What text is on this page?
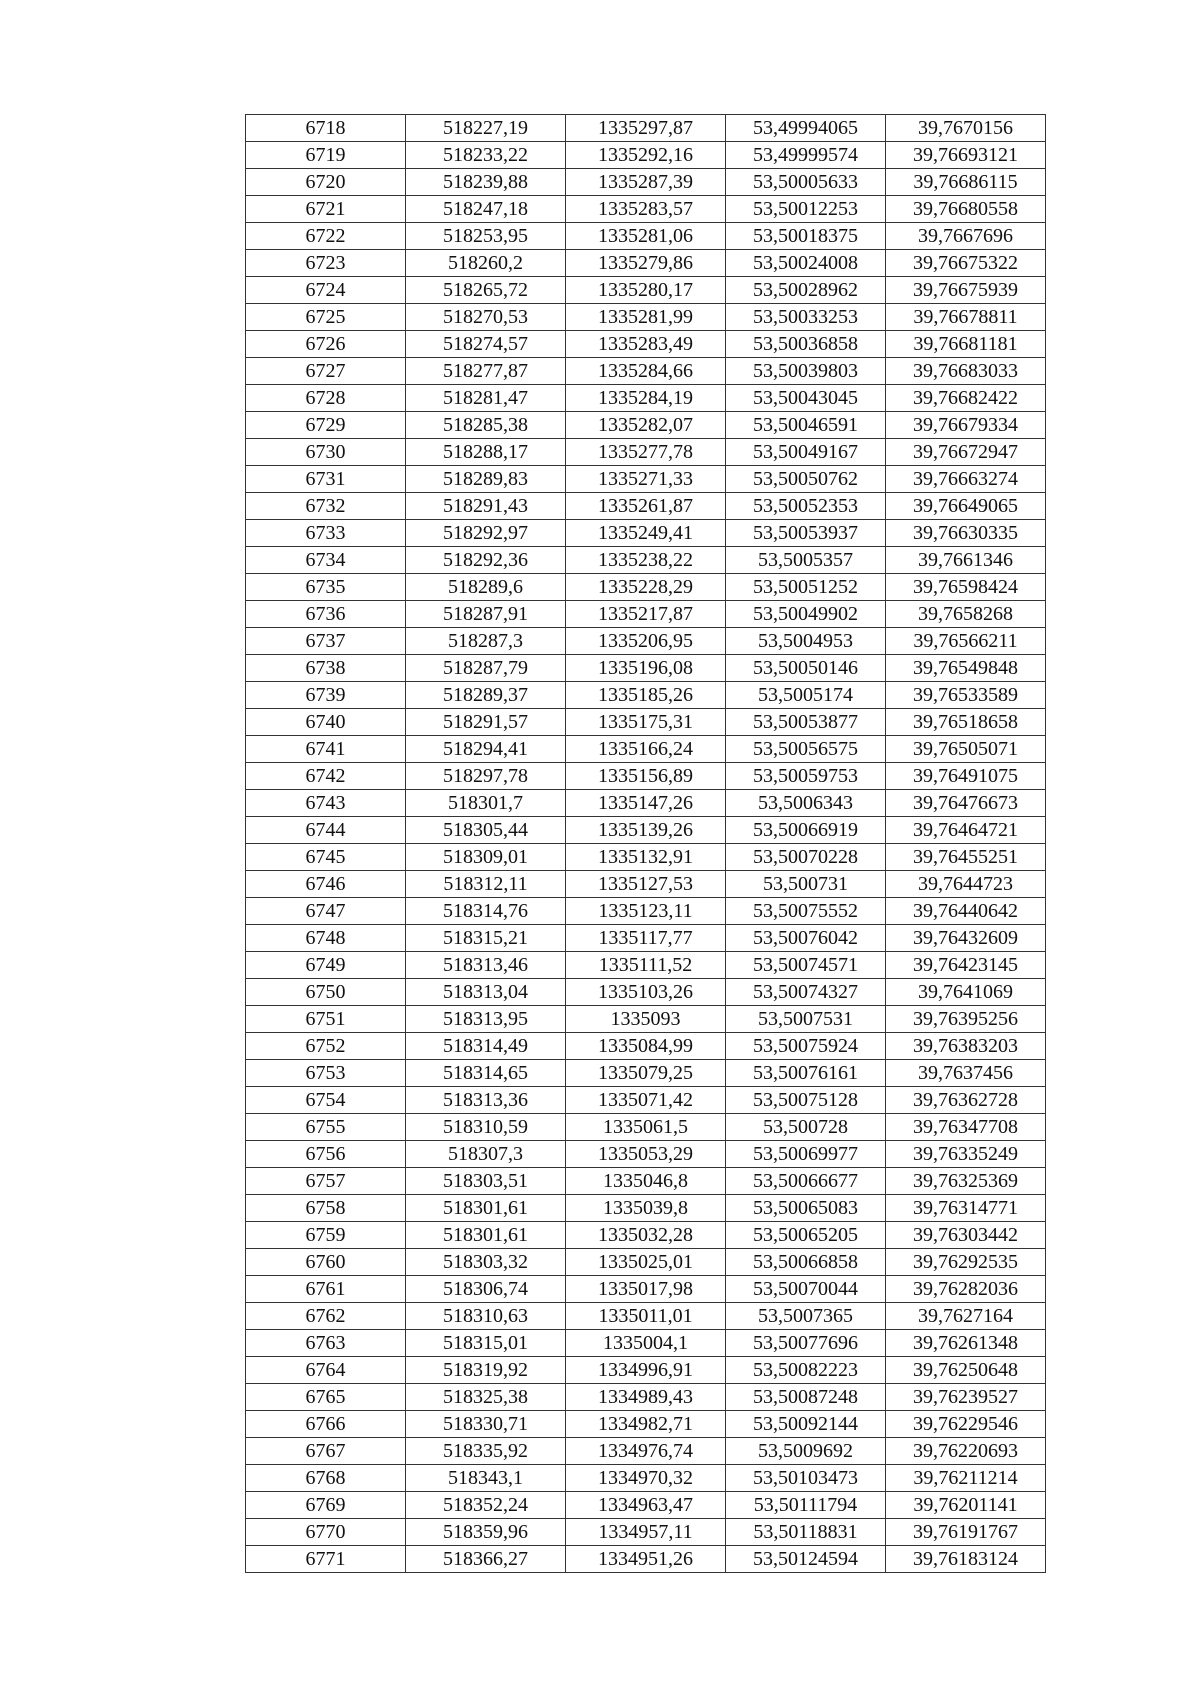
6718	518227,19	1335297,87	53,49994065	39,7670156
6719	518233,22	1335292,16	53,49999574	39,76693121
6720	518239,88	1335287,39	53,50005633	39,76686115
6721	518247,18	1335283,57	53,50012253	39,76680558
6722	518253,95	1335281,06	53,50018375	39,7667696
6723	518260,2	1335279,86	53,50024008	39,76675322
6724	518265,72	1335280,17	53,50028962	39,76675939
6725	518270,53	1335281,99	53,50033253	39,76678811
6726	518274,57	1335283,49	53,50036858	39,76681181
6727	518277,87	1335284,66	53,50039803	39,76683033
6728	518281,47	1335284,19	53,50043045	39,76682422
6729	518285,38	1335282,07	53,50046591	39,76679334
6730	518288,17	1335277,78	53,50049167	39,76672947
6731	518289,83	1335271,33	53,50050762	39,76663274
6732	518291,43	1335261,87	53,50052353	39,76649065
6733	518292,97	1335249,41	53,50053937	39,76630335
6734	518292,36	1335238,22	53,5005357	39,7661346
6735	518289,6	1335228,29	53,50051252	39,76598424
6736	518287,91	1335217,87	53,50049902	39,7658268
6737	518287,3	1335206,95	53,5004953	39,76566211
6738	518287,79	1335196,08	53,50050146	39,76549848
6739	518289,37	1335185,26	53,5005174	39,76533589
6740	518291,57	1335175,31	53,50053877	39,76518658
6741	518294,41	1335166,24	53,50056575	39,76505071
6742	518297,78	1335156,89	53,50059753	39,76491075
6743	518301,7	1335147,26	53,5006343	39,76476673
6744	518305,44	1335139,26	53,50066919	39,76464721
6745	518309,01	1335132,91	53,50070228	39,76455251
6746	518312,11	1335127,53	53,500731	39,7644723
6747	518314,76	1335123,11	53,50075552	39,76440642
6748	518315,21	1335117,77	53,50076042	39,76432609
6749	518313,46	1335111,52	53,50074571	39,76423145
6750	518313,04	1335103,26	53,50074327	39,7641069
6751	518313,95	1335093	53,5007531	39,76395256
6752	518314,49	1335084,99	53,50075924	39,76383203
6753	518314,65	1335079,25	53,50076161	39,7637456
6754	518313,36	1335071,42	53,50075128	39,76362728
6755	518310,59	1335061,5	53,500728	39,76347708
6756	518307,3	1335053,29	53,50069977	39,76335249
6757	518303,51	1335046,8	53,50066677	39,76325369
6758	518301,61	1335039,8	53,50065083	39,76314771
6759	518301,61	1335032,28	53,50065205	39,76303442
6760	518303,32	1335025,01	53,50066858	39,76292535
6761	518306,74	1335017,98	53,50070044	39,76282036
6762	518310,63	1335011,01	53,5007365	39,7627164
6763	518315,01	1335004,1	53,50077696	39,76261348
6764	518319,92	1334996,91	53,50082223	39,76250648
6765	518325,38	1334989,43	53,50087248	39,76239527
6766	518330,71	1334982,71	53,50092144	39,76229546
6767	518335,92	1334976,74	53,5009692	39,76220693
6768	518343,1	1334970,32	53,50103473	39,76211214
6769	518352,24	1334963,47	53,50111794	39,76201141
6770	518359,96	1334957,11	53,50118831	39,76191767
6771	518366,27	1334951,26	53,50124594	39,76183124
